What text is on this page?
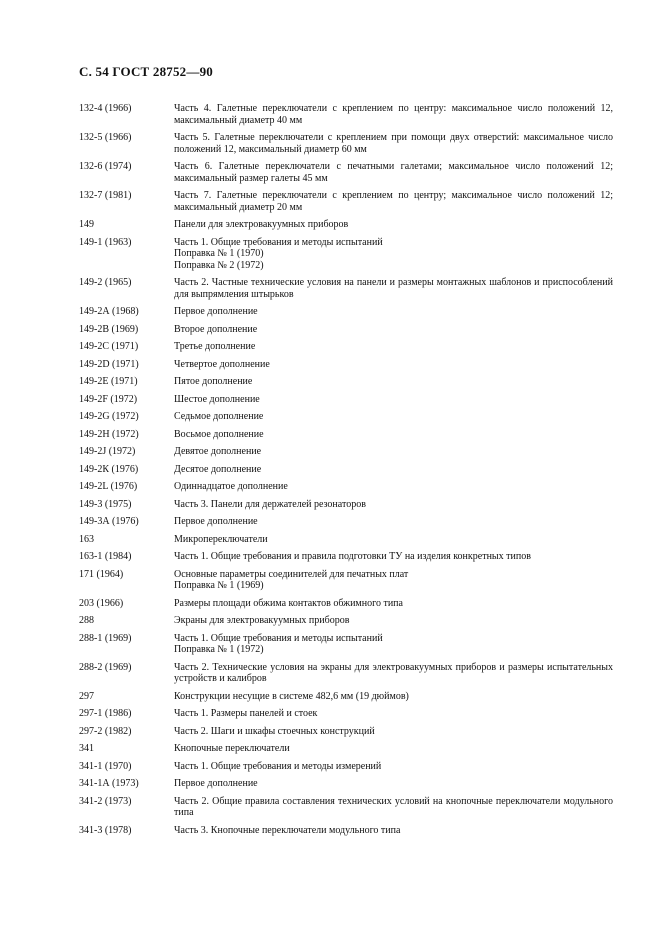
С. 54 ГОСТ 28752—90
132-4 (1966)	Часть 4. Галетные переключатели с креплением по центру: максимальное число положений 12, максимальный диаметр 40 мм
132-5 (1966)	Часть 5. Галетные переключатели с креплением при помощи двух отверстий: максимальное число положений 12, максимальный диаметр 60 мм
132-6 (1974)	Часть 6. Галетные переключатели с печатными галетами; максимальное число положений 12; максимальный размер галеты 45 мм
132-7 (1981)	Часть 7. Галетные переключатели с креплением по центру; максимальное число положений 12; максимальный диаметр 20 мм
149	Панели для электровакуумных приборов
149-1 (1963)	Часть 1. Общие требования и методы испытаний
Поправка № 1 (1970)
Поправка № 2 (1972)
149-2 (1965)	Часть 2. Частные технические условия на панели и размеры монтажных шаблонов и приспособлений для выпрямления штырьков
149-2А (1968)	Первое дополнение
149-2В (1969)	Второе дополнение
149-2С (1971)	Третье дополнение
149-2D (1971)	Четвертое дополнение
149-2Е (1971)	Пятое дополнение
149-2F (1972)	Шестое дополнение
149-2G (1972)	Седьмое дополнение
149-2Н (1972)	Восьмое дополнение
149-2J (1972)	Девятое дополнение
149-2К (1976)	Десятое дополнение
149-2L (1976)	Одиннадцатое дополнение
149-3 (1975)	Часть 3. Панели для держателей резонаторов
149-3А (1976)	Первое дополнение
163	Микропереключатели
163-1 (1984)	Часть 1. Общие требования и правила подготовки ТУ на изделия конкретных типов
171 (1964)	Основные параметры соединителей для печатных плат
Поправка № 1 (1969)
203 (1966)	Размеры площади обжима контактов обжимного типа
288	Экраны для электровакуумных приборов
288-1 (1969)	Часть 1. Общие требования и методы испытаний
Поправка № 1 (1972)
288-2 (1969)	Часть 2. Технические условия на экраны для электровакуумных приборов и размеры испытательных устройств и калибров
297	Конструкции несущие в системе 482,6 мм (19 дюймов)
297-1 (1986)	Часть 1. Размеры панелей и стоек
297-2 (1982)	Часть 2. Шаги и шкафы стоечных конструкций
341	Кнопочные переключатели
341-1 (1970)	Часть 1. Общие требования и методы измерений
341-1А (1973)	Первое дополнение
341-2 (1973)	Часть 2. Общие правила составления технических условий на кнопочные переключатели модульного типа
341-3 (1978)	Часть 3. Кнопочные переключатели модульного типа
